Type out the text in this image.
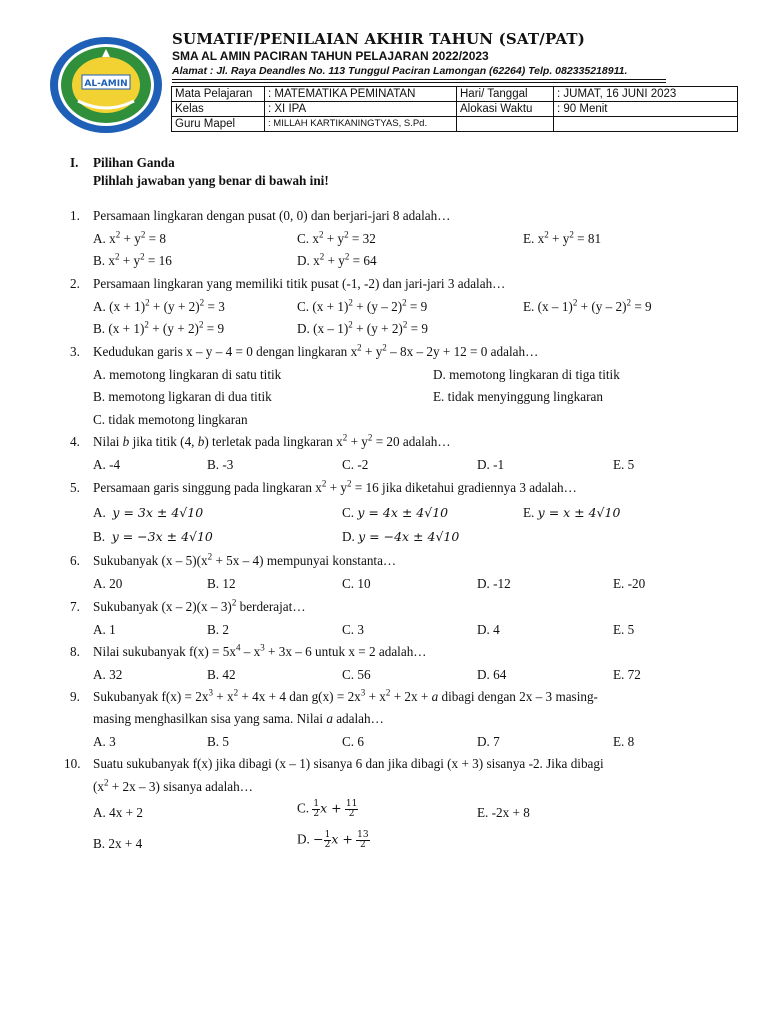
AL-AMIN
SUMATIF/PENILAIAN AKHIR TAHUN (SAT/PAT)
SMA AL AMIN PACIRAN TAHUN PELAJARAN 2022/2023
Alamat : Jl. Raya Deandles No. 113 Tunggul Paciran Lamongan (62264) Telp. 082335218911.
Mata Pelajaran	: MATEMATIKA PEMINATAN	Hari/ Tanggal	: JUMAT, 16 JUNI 2023
Kelas	: XI IPA	Alokasi Waktu	: 90 Menit
Guru Mapel	: MILLAH KARTIKANINGTYAS, S.Pd.		
I. Pilihan Ganda
Plihlah jawaban yang benar di bawah ini!
1. Persamaan lingkaran dengan pusat (0, 0) dan berjari-jari 8 adalah…
A. $x^2 + y^2 = 8$	C. $x^2 + y^2 = 32$	E. $x^2 + y^2 = 81$
B. $x^2 + y^2 = 16$	D. $x^2 + y^2 = 64$
2. Persamaan lingkaran yang memiliki titik pusat (-1, -2) dan jari-jari 3 adalah…
A. $(x + 1)^2 + (y + 2)^2 = 3$	C. $(x + 1)^2 + (y - 2)^2 = 9$	E. (x – 1)$^2$ + (y – 2)$^2$ = 9
B. $(x + 1)^2 + (y + 2)^2 = 9$	D. $(x - 1)^2 + (y + 2)^2 = 9$
3. Kedudukan garis x – y – 4 = 0 dengan lingkaran $x^2 + y^2 - 8x - 2y + 12 = 0$ adalah…
A. memotong lingkaran di satu titik	D. memotong lingkaran di tiga titik
B. memotong ligkaran di dua titik	E. tidak menyinggung lingkaran
C. tidak memotong lingkaran
4. Nilai b jika titik (4, b) terletak pada lingkaran $x^2 + y^2 = 20$ adalah…
A. -4	B. -3	C. -2	D. -1	E. 5
5. Persamaan garis singgung pada lingkaran $x^2 + y^2 = 16$ jika diketahui gradiennya 3 adalah…
A. y = 3x ± 4√10	C. y = 4x ± 4√10	E. y = x ± 4√10
B. y = −3x ± 4√10	D. y = −4x ± 4√10
6. Sukubanyak $(x - 5)(x^2 + 5x - 4)$ mempunyai konstanta…
A. 20	B. 12	C. 10	D. -12	E. -20
7. Sukubanyak (x – 2)(x – 3)$^2$ berderajat…
A. 1	B. 2	C. 3	D. 4	E. 5
8. Nilai sukubanyak $f(x) = 5x^4 - x^3 + 3x - 6$ untuk x = 2 adalah…
A. 32	B. 42	C. 56	D. 64	E. 72
9. Sukubanyak $f(x) = 2x^3 + x^2 + 4x + 4$ dan $g(x) = 2x^3 + x^2 + 2x + a$ dibagi dengan 2x – 3 masing-
masing menghasilkan sisa yang sama. Nilai a adalah…
A. 3	B. 5	C. 6	D. 7	E. 8
10. Suatu sukubanyak f(x) jika dibagi (x – 1) sisanya 6 dan jika dibagi (x + 3) sisanya -2. Jika dibagi
$(x^2 + 2x - 3)$ sisanya adalah…
A. 4x + 2	C. $\frac{1}{2}$ $x + \frac{11}{2}$	E. -2x + 8
B. 2x + 4	D. − $\frac{1}{2}$ $x + \frac{13}{2}$
